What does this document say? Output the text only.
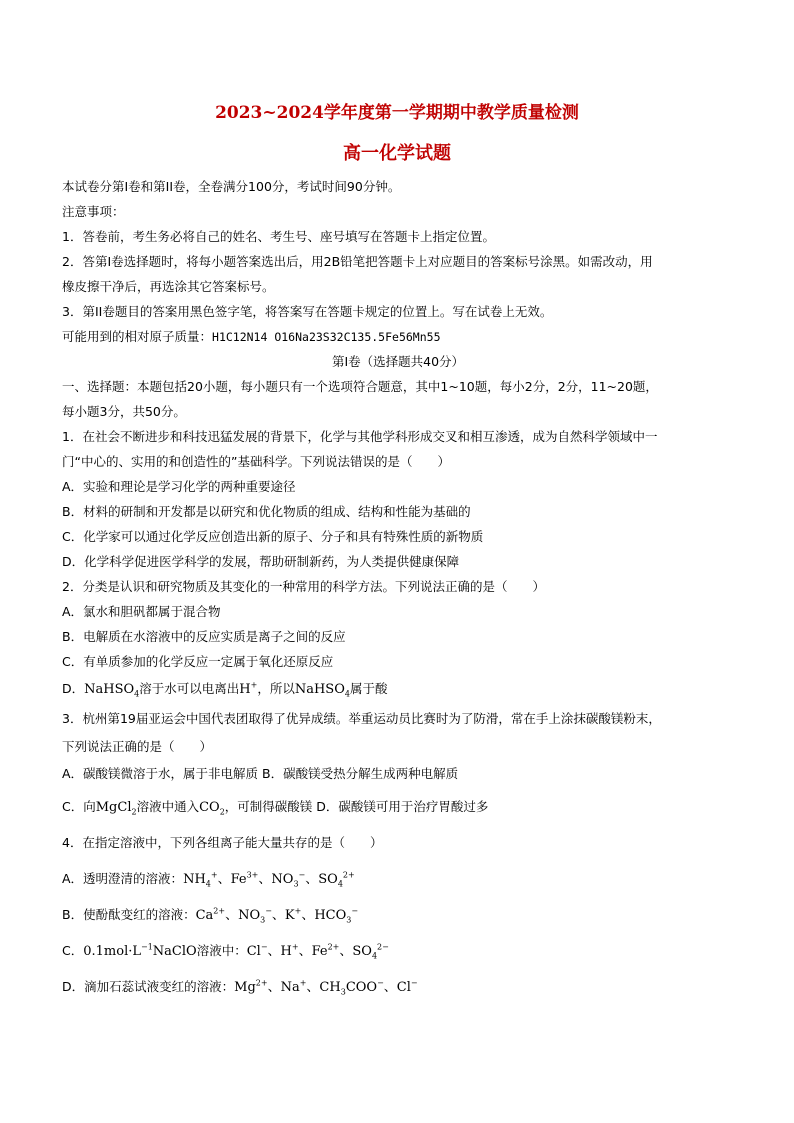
2023~2024学年度第一学期期中教学质量检测
高一化学试题
本试卷分第I卷和第II卷，全卷满分100分，考试时间90分钟。
注意事项：
1．答卷前，考生务必将自己的姓名、考生号、座号填写在答题卡上指定位置。
2．答第I卷选择题时，将每小题答案选出后，用2B铅笔把答题卡上对应题目的答案标号涂黑。如需改动，用
橡皮擦干净后，再选涂其它答案标号。
3．第II卷题目的答案用黑色签字笔，将答案写在答题卡规定的位置上。写在试卷上无效。
可能用到的相对原子质量：H1C12N14 O16Na23S32C135.5Fe56Mn55
第I卷（选择题共40分）
一、选择题：本题包括20小题，每小题只有一个选项符合题意，其中1~10题，每小2分，2分，11~20题，
每小题3分，共50分。
1．在社会不断进步和科技迅猛发展的背景下，化学与其他学科形成交叉和相互渗透，成为自然科学领域中一
门“中心的、实用的和创造性的”基础科学。下列说法错误的是（　　）
A．实验和理论是学习化学的两种重要途径
B．材料的研制和开发都是以研究和优化物质的组成、结构和性能为基础的
C．化学家可以通过化学反应创造出新的原子、分子和具有特殊性质的新物质
D．化学科学促进医学科学的发展，帮助研制新药，为人类提供健康保障
2．分类是认识和研究物质及其变化的一种常用的科学方法。下列说法正确的是（　　）
A．氯水和胆矾都属于混合物
B．电解质在水溶液中的反应实质是离子之间的反应
C．有单质参加的化学反应一定属于氧化还原反应
D．NaHSO$_4$溶于水可以电离出H+，所以NaHSO$_4$属于酸
3．杭州第19届亚运会中国代表团取得了优异成绩。举重运动员比赛时为了防滑，常在手上涂抹碳酸镁粉末，
下列说法正确的是（　　）
A．碳酸镁微溶于水，属于非电解质 B．碳酸镁受热分解生成两种电解质
C．向MgCl$_2$溶液中通入$CO_2$，可制得碳酸镁 D．碳酸镁可用于治疗胃酸过多
4．在指定溶液中，下列各组离子能大量共存的是（　　）
A．透明澄清的溶液：$NH_4^+$、$Fe^{3+}$、$NO_3^-$、$SO_4^{2+}$
B．使酚酞变红的溶液：$Ca^{2+}$、$NO_3^-$、K+、$HCO_3^-$
C．$0.1mol\cdot L^{-1}NaClO$溶液中：Cl−、H+、$Fe^{2+}$、$SO_4^{2-}$
D．滴加石蕊试液变红的溶液：$Mg^{2+}$、Na+、$CH_3COO^-$、Cl−
